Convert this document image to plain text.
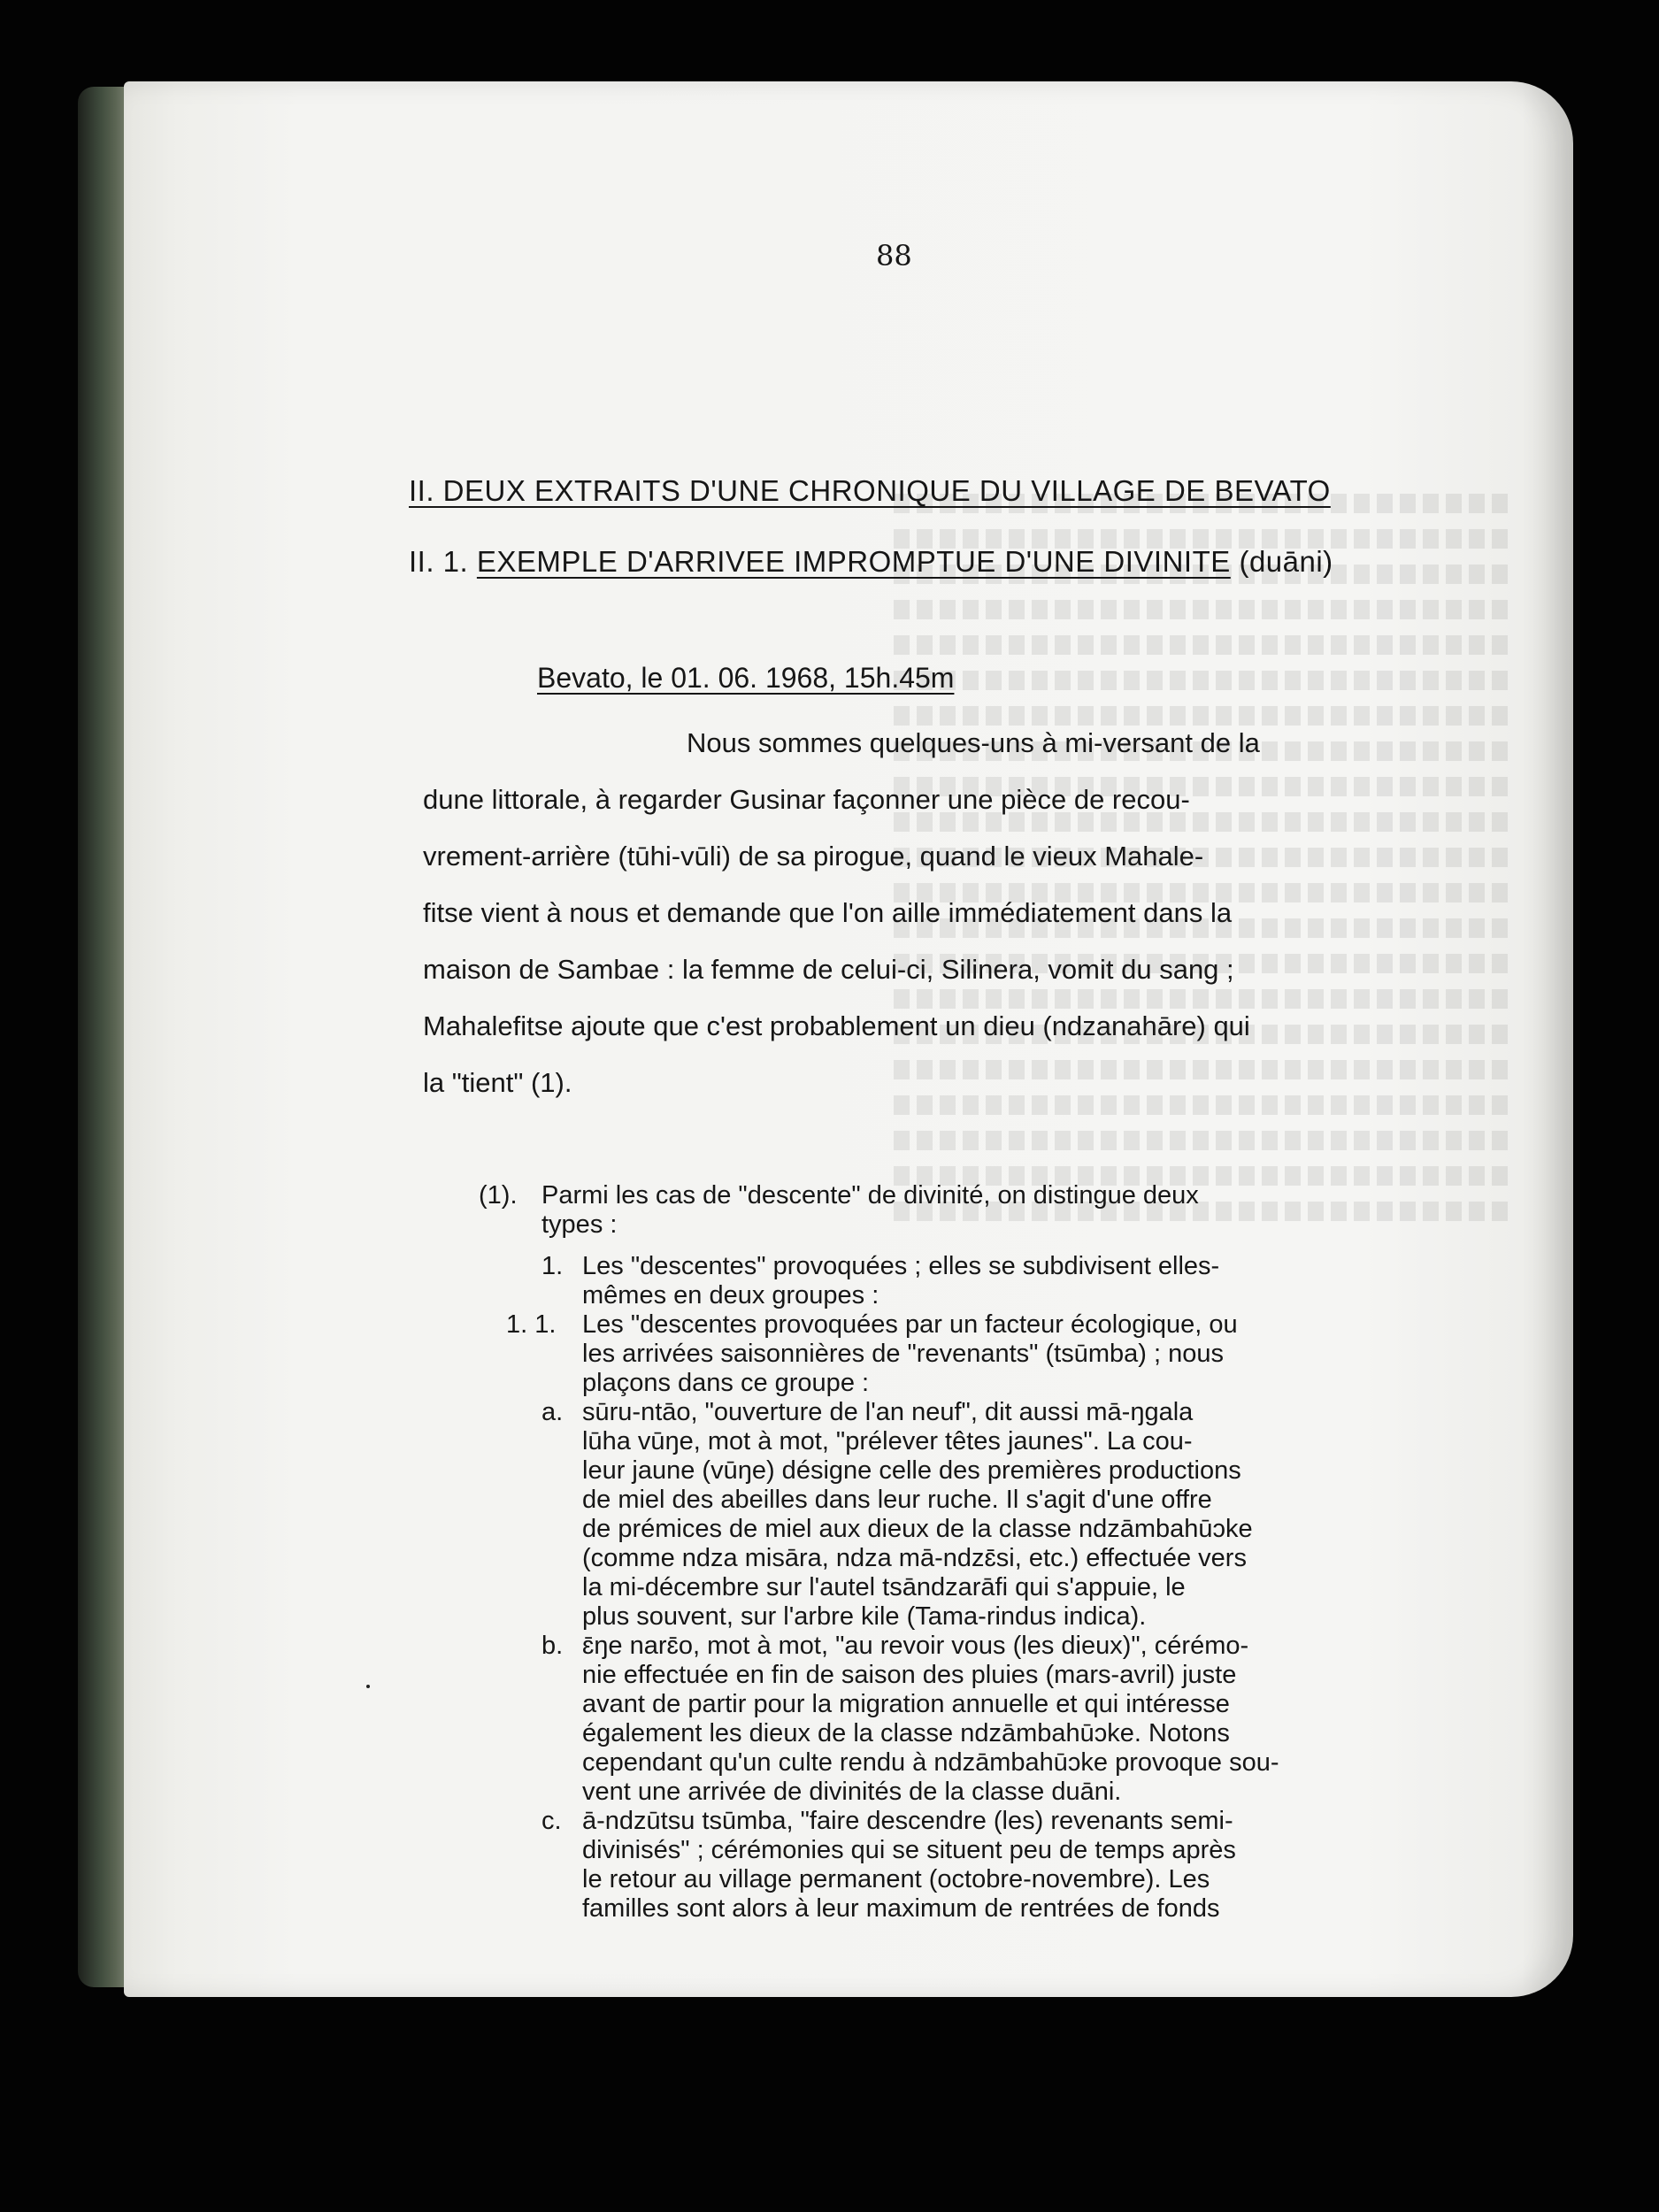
88
II. DEUX EXTRAITS D'UNE CHRONIQUE DU VILLAGE DE BEVATO
II. 1. EXEMPLE D'ARRIVEE IMPROMPTUE D'UNE DIVINITE (duāni)
Bevato, le 01. 06. 1968, 15h.45m
Nous sommes quelques-uns à mi-versant de la
dune littorale, à regarder Gusinar façonner une pièce de recou-
vrement-arrière (tūhi-vūli) de sa pirogue, quand le vieux Mahale-
fitse vient à nous et demande que l'on aille immédiatement dans la
maison de Sambae : la femme de celui-ci, Silinera, vomit du sang ;
Mahalefitse ajoute que c'est probablement un dieu (ndzanahāre) qui
la "tient" (1).
(1). Parmi les cas de "descente" de divinité, on distingue deux
types :
1. Les "descentes" provoquées ; elles se subdivisent elles-
mêmes en deux groupes :
1. 1. Les "descentes provoquées par un facteur écologique, ou
les arrivées saisonnières de "revenants" (tsūmba) ; nous
plaçons dans ce groupe :
a. sūru-ntāo, "ouverture de l'an neuf", dit aussi mā-ŋgala
lūha vūŋe, mot à mot, "prélever têtes jaunes". La cou-
leur jaune (vūŋe) désigne celle des premières productions
de miel des abeilles dans leur ruche. Il s'agit d'une offre
de prémices de miel aux dieux de la classe ndzāmbahūɔke
(comme ndza misāra, ndza mā-ndzɛ̄si, etc.) effectuée vers
la mi-décembre sur l'autel tsāndzarāfi qui s'appuie, le
plus souvent, sur l'arbre kile (Tama-rindus indica).
b. ɛ̄ŋe narɛ̄o, mot à mot, "au revoir vous (les dieux)", cérémo-
nie effectuée en fin de saison des pluies (mars-avril) juste
avant de partir pour la migration annuelle et qui intéresse
également les dieux de la classe ndzāmbahūɔke. Notons
cependant qu'un culte rendu à ndzāmbahūɔke provoque sou-
vent une arrivée de divinités de la classe duāni.
c. ā-ndzūtsu tsūmba, "faire descendre (les) revenants semi-
divinisés" ; cérémonies qui se situent peu de temps après
le retour au village permanent (octobre-novembre). Les
familles sont alors à leur maximum de rentrées de fonds
